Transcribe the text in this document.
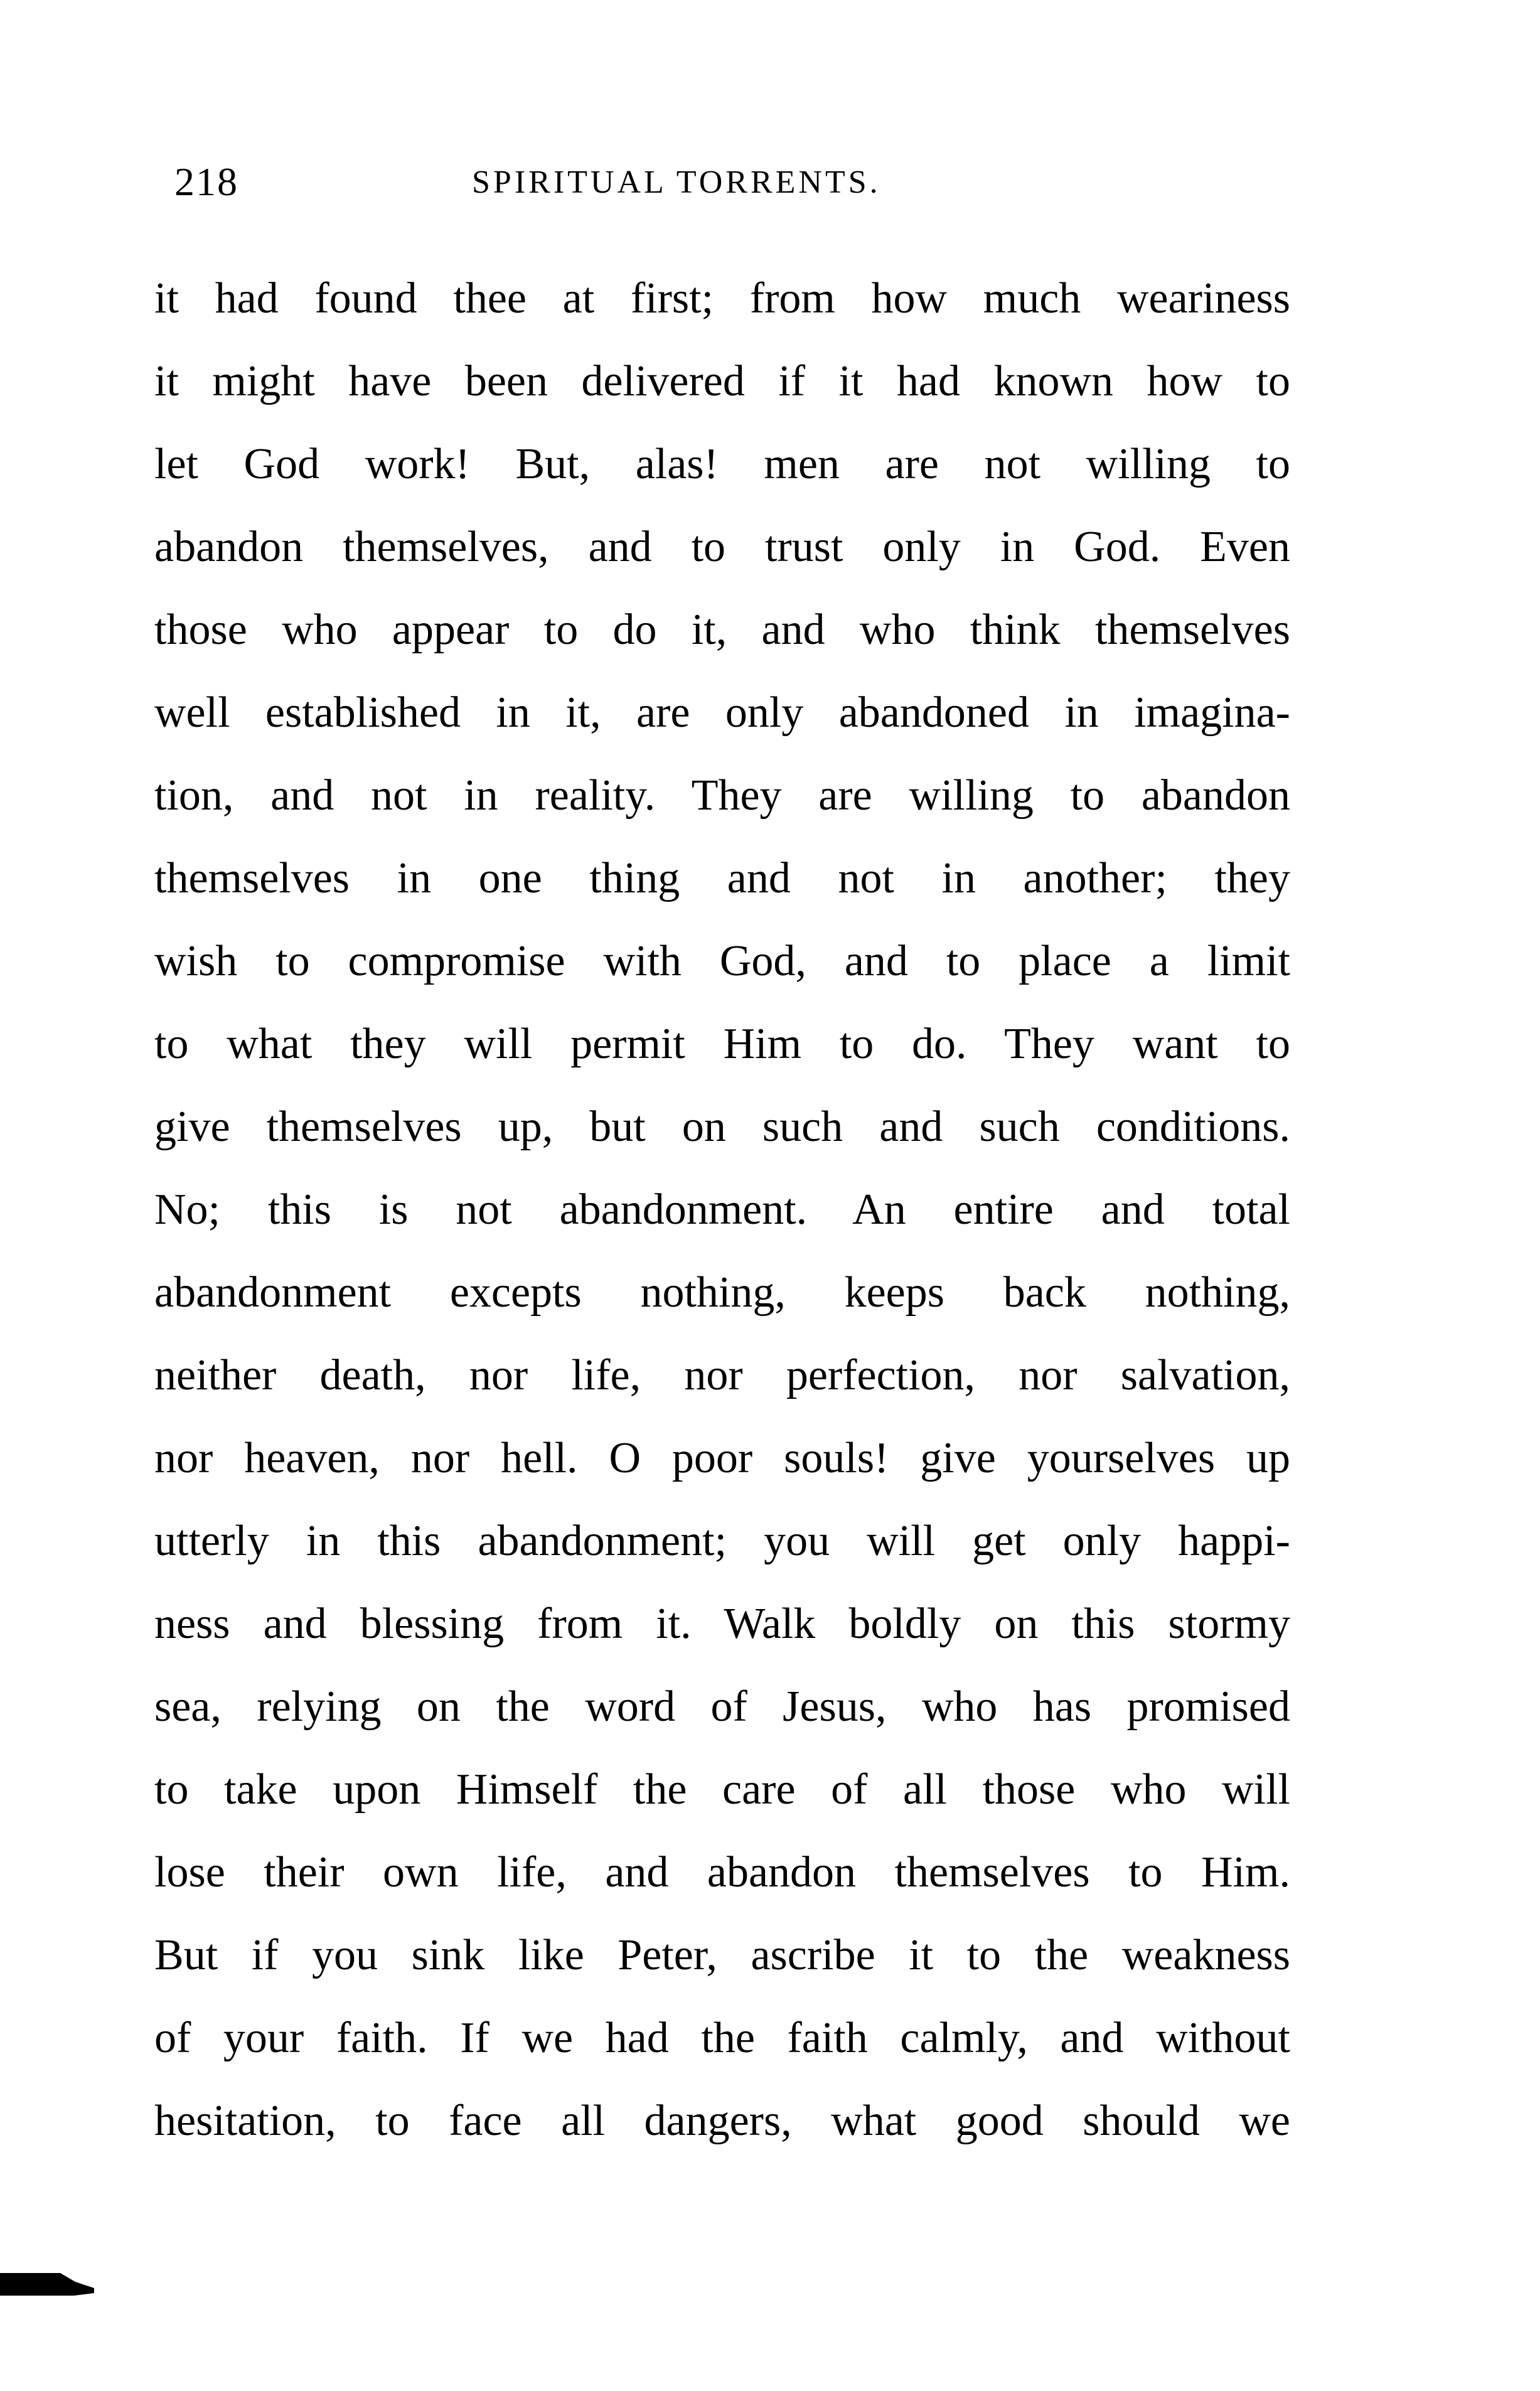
218	SPIRITUAL TORRENTS.
it had found thee at first; from how much weariness
it might have been delivered if it had known how to
let God work! But, alas! men are not willing to
abandon themselves, and to trust only in God. Even
those who appear to do it, and who think themselves
well established in it, are only abandoned in imagina-
tion, and not in reality. They are willing to abandon
themselves in one thing and not in another; they
wish to compromise with God, and to place a limit
to what they will permit Him to do. They want to
give themselves up, but on such and such conditions.
No; this is not abandonment. An entire and total
abandonment excepts nothing, keeps back nothing,
neither death, nor life, nor perfection, nor salvation,
nor heaven, nor hell. O poor souls! give yourselves up
utterly in this abandonment; you will get only happi-
ness and blessing from it. Walk boldly on this stormy
sea, relying on the word of Jesus, who has promised
to take upon Himself the care of all those who will
lose their own life, and abandon themselves to Him.
But if you sink like Peter, ascribe it to the weakness
of your faith. If we had the faith calmly, and without
hesitation, to face all dangers, what good should we
